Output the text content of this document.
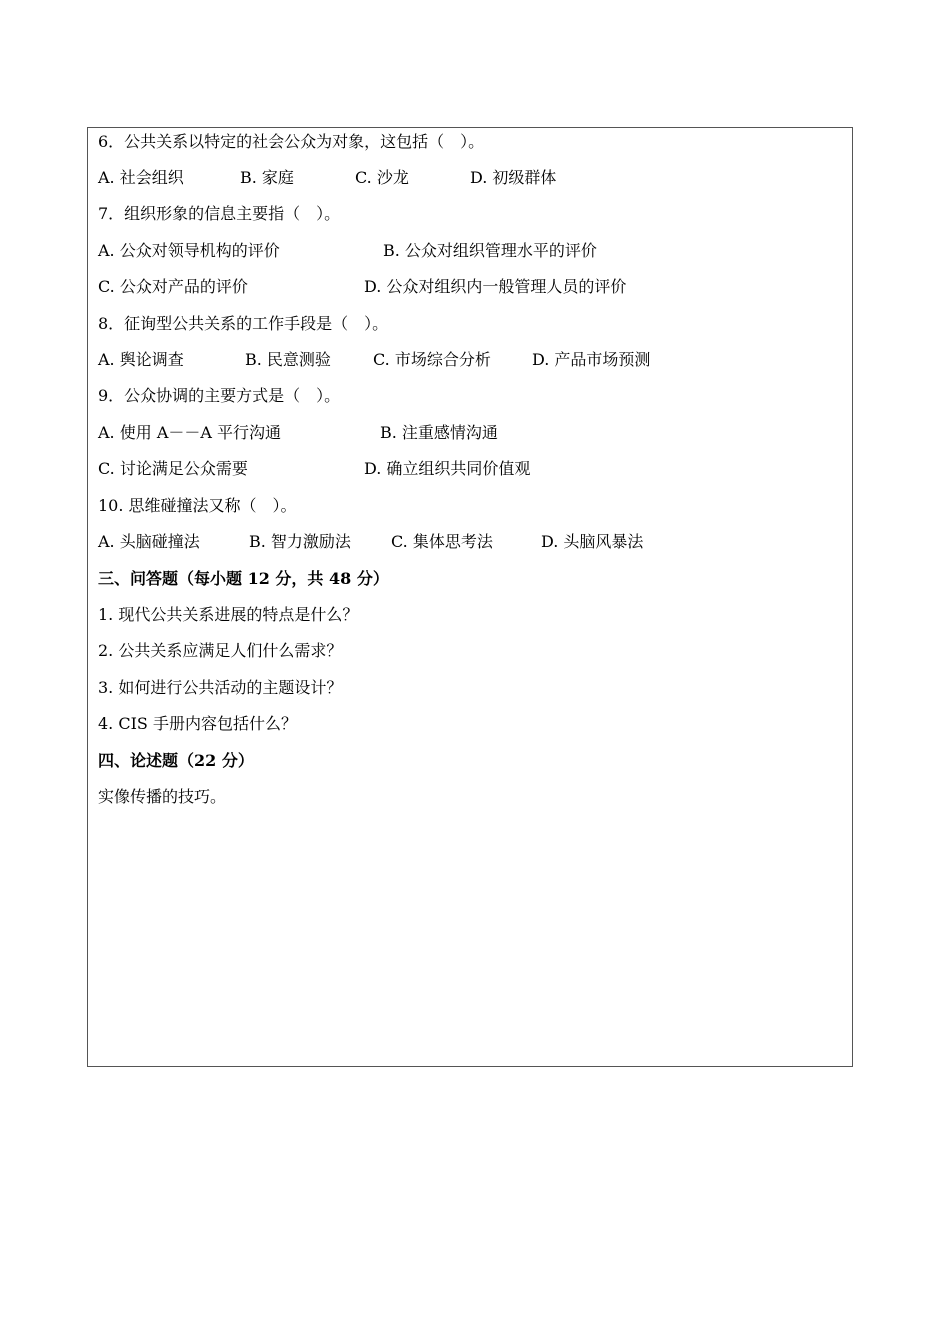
6．公共关系以特定的社会公众为对象，这包括（　）。
A. 社会组织	B. 家庭	C. 沙龙	D. 初级群体
7．组织形象的信息主要指（　）。
A. 公众对领导机构的评价	B. 公众对组织管理水平的评价
C. 公众对产品的评价	D. 公众对组织内一般管理人员的评价
8．征询型公共关系的工作手段是（　）。
A. 舆论调查	B. 民意测验	C. 市场综合分析	D. 产品市场预测
9．公众协调的主要方式是（　）。
A. 使用 A－－A 平行沟通	B. 注重感情沟通
C. 讨论满足公众需要	D. 确立组织共同价值观
10. 思维碰撞法又称（　）。
A. 头脑碰撞法	B. 智力激励法	C. 集体思考法	D. 头脑风暴法
三、问答题（每小题 12 分，共 48 分）
1. 现代公共关系进展的特点是什么？
2. 公共关系应满足人们什么需求？
3. 如何进行公共活动的主题设计？
4. CIS 手册内容包括什么？
四、论述题（22 分）
实像传播的技巧。
